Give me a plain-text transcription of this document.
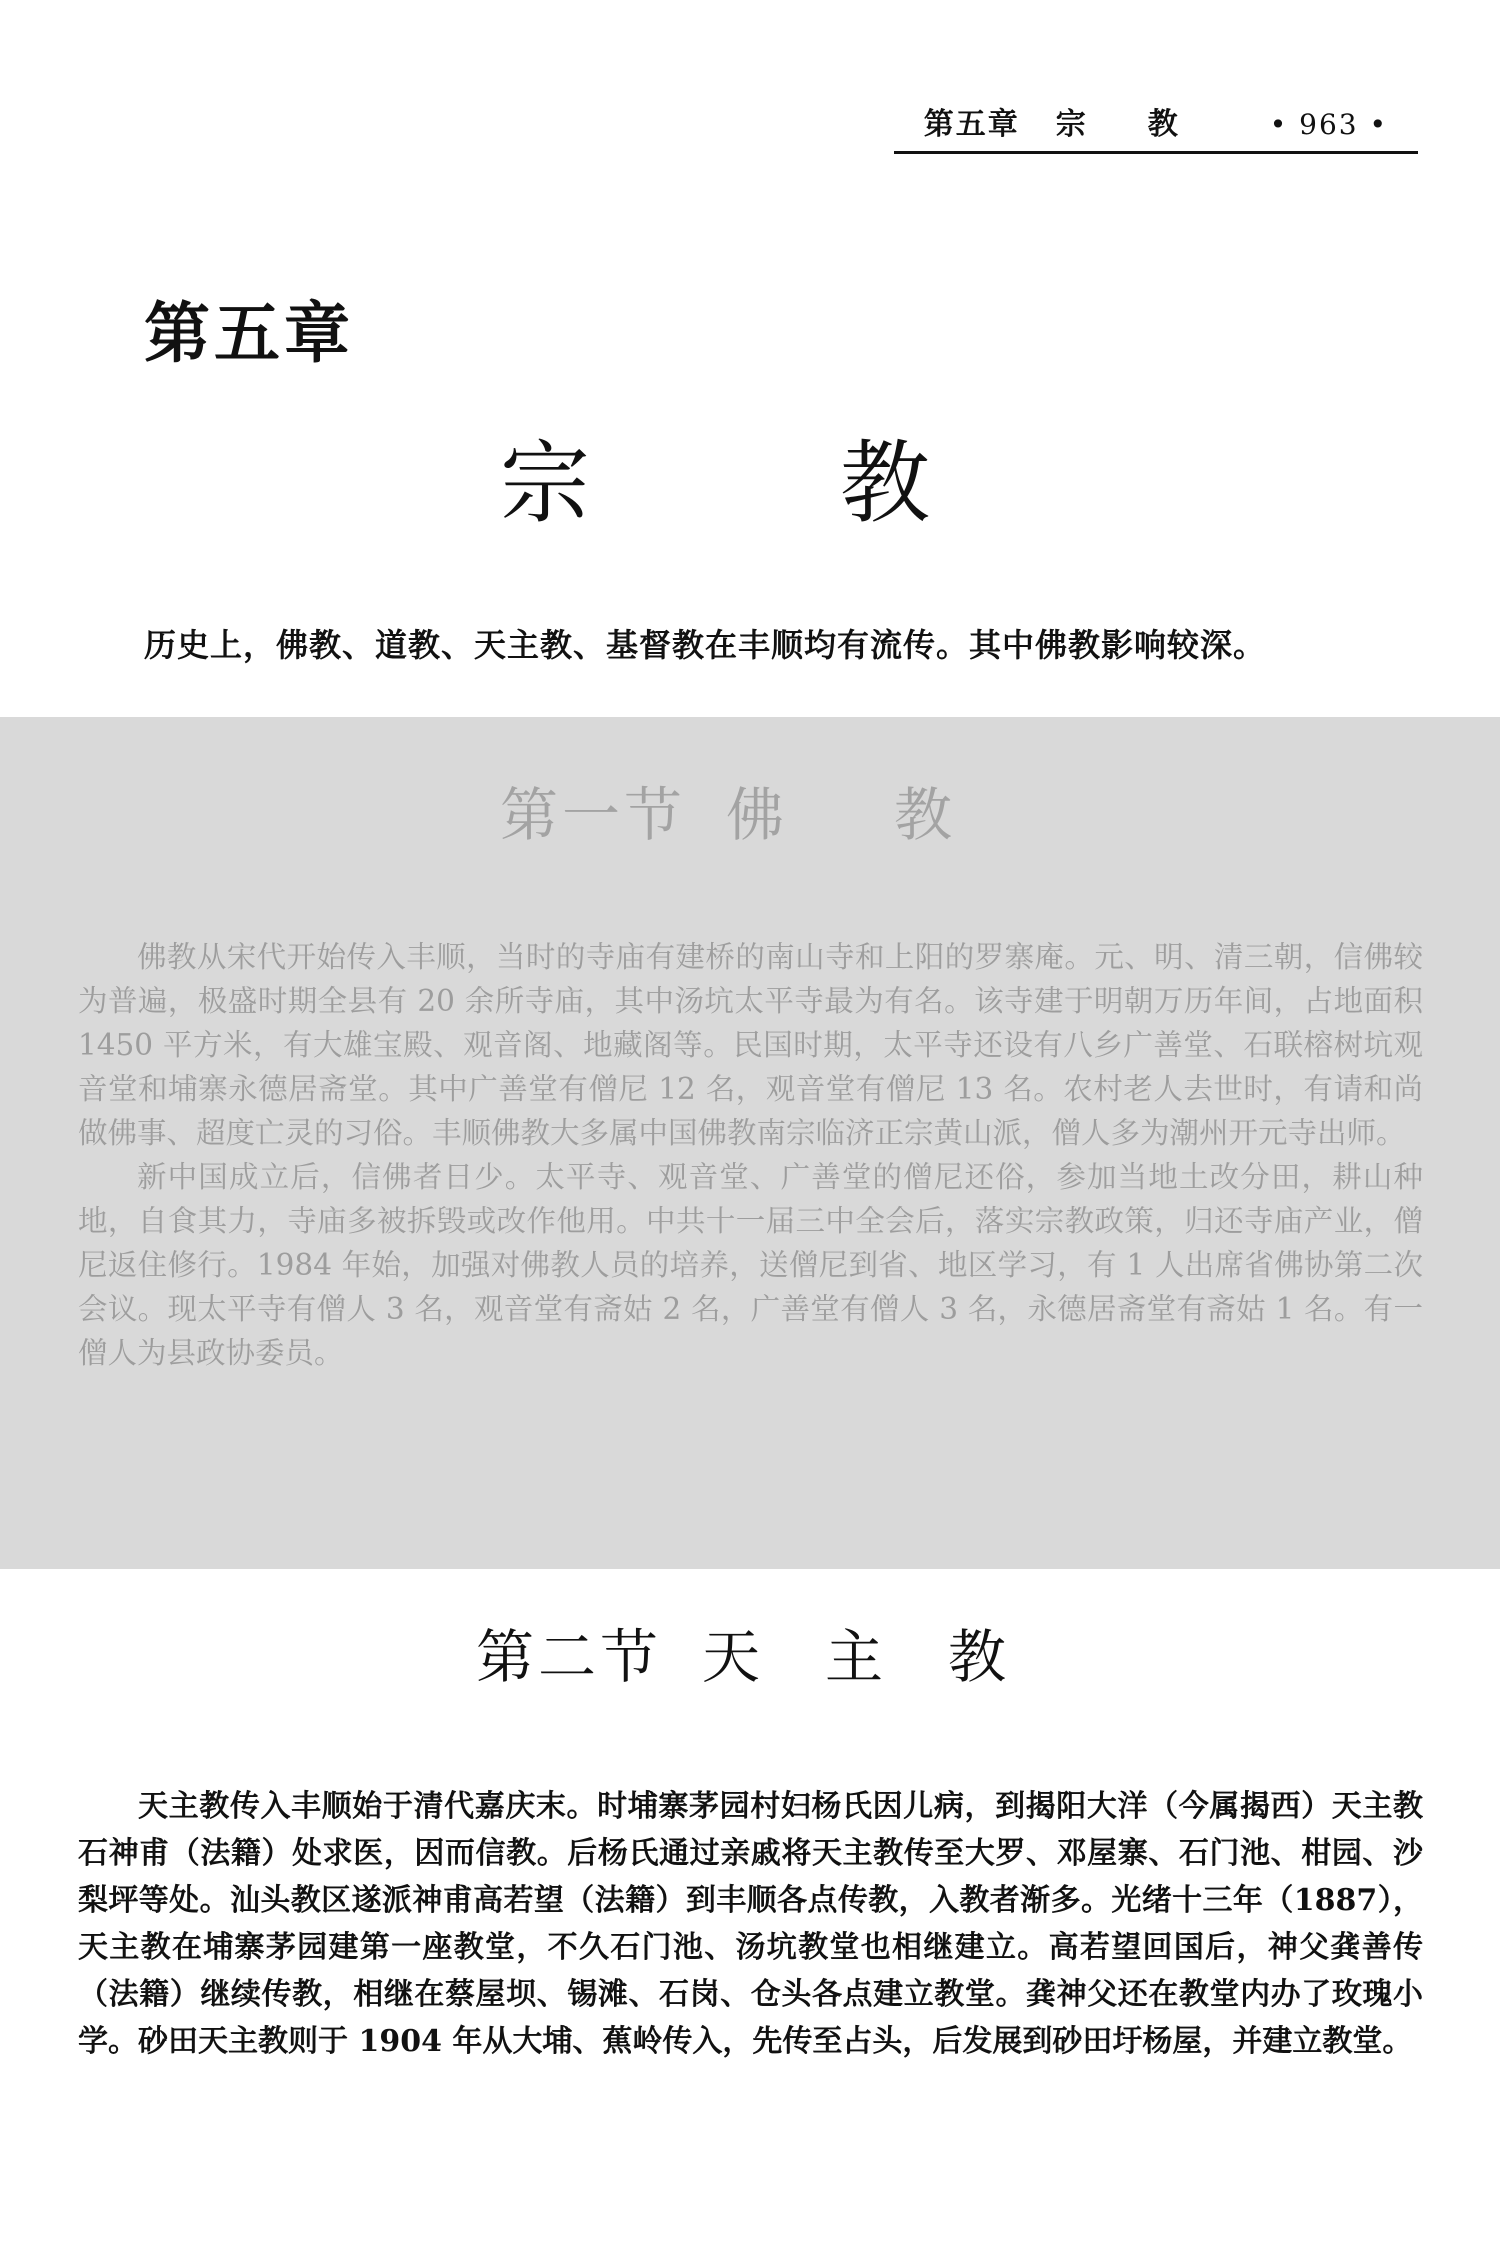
第五章 宗教 • 963 •
第五章
宗教
历史上，佛教、道教、天主教、基督教在丰顺均有流传。其中佛教影响较深。
第一节 佛教

佛教从宋代开始传入丰顺，当时的寺庙有建桥的南山寺和上阳的罗寨庵。元、明、清三朝，信佛较为普遍，极盛时期全县有 20 余所寺庙，其中汤坑太平寺最为有名。该寺建于明朝万历年间，占地面积 1450 平方米，有大雄宝殿、观音阁、地藏阁等。民国时期，太平寺还设有八乡广善堂、石联榕树坑观音堂和埔寨永德居斋堂。其中广善堂有僧尼 12 名，观音堂有僧尼 13 名。农村老人去世时，有请和尚做佛事、超度亡灵的习俗。丰顺佛教大多属中国佛教南宗临济正宗黄山派，僧人多为潮州开元寺出师。

新中国成立后，信佛者日少。太平寺、观音堂、广善堂的僧尼还俗，参加当地土改分田，耕山种地，自食其力，寺庙多被拆毁或改作他用。中共十一届三中全会后，落实宗教政策，归还寺庙产业，僧尼返住修行。1984 年始，加强对佛教人员的培养，送僧尼到省、地区学习，有 1 人出席省佛协第二次会议。现太平寺有僧人 3 名，观音堂有斋姑 2 名，广善堂有僧人 3 名，永德居斋堂有斋姑 1 名。有一僧人为县政协委员。

第二节 天主教

天主教传入丰顺始于清代嘉庆末。时埔寨茅园村妇杨氏因儿病，到揭阳大洋（今属揭西）天主教石神甫（法籍）处求医，因而信教。后杨氏通过亲戚将天主教传至大罗、邓屋寨、石门池、柑园、沙梨坪等处。汕头教区遂派神甫高若望（法籍）到丰顺各点传教，入教者渐多。光绪十三年（1887），天主教在埔寨茅园建第一座教堂，不久石门池、汤坑教堂也相继建立。高若望回国后，神父龚善传（法籍）继续传教，相继在蔡屋坝、锡滩、石岗、仓头各点建立教堂。龚神父还在教堂内办了玫瑰小学。砂田天主教则于 1904 年从大埔、蕉岭传入，先传至占头，后发展到砂田圩杨屋，并建立教堂。
